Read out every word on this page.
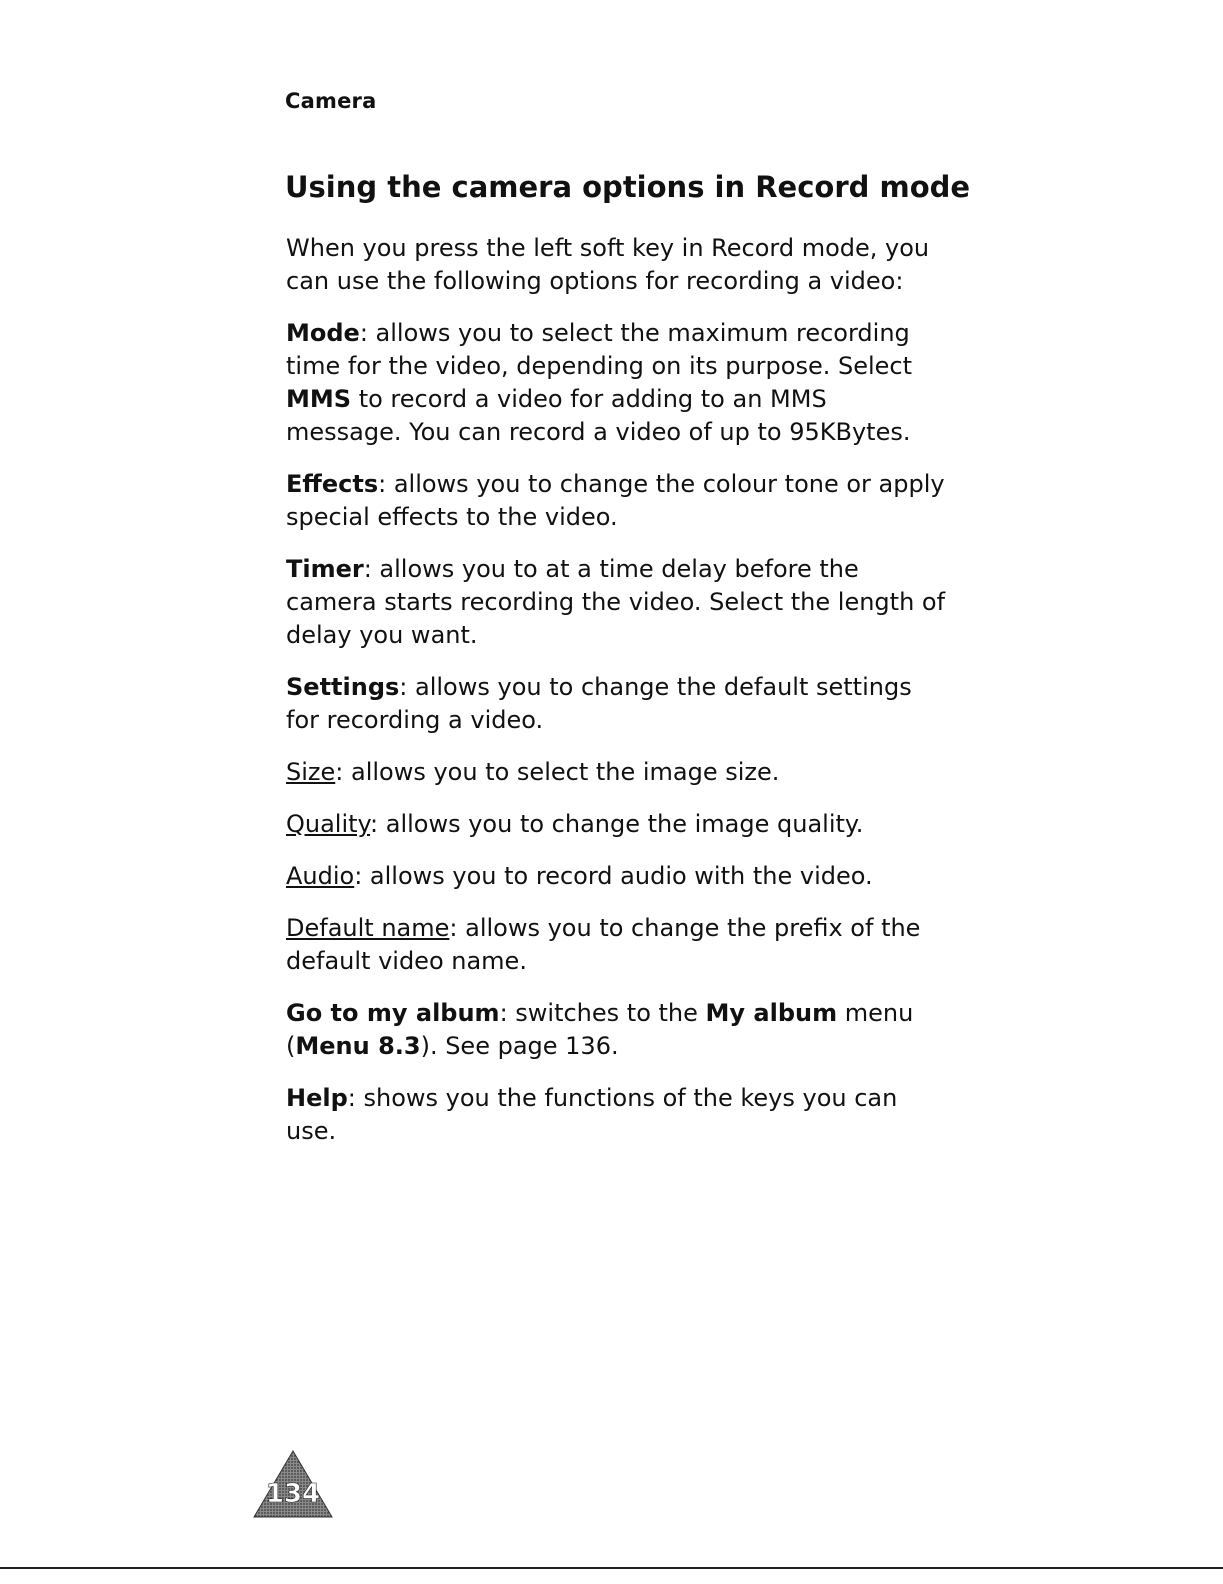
Camera
Using the camera options in Record mode

When you press the left soft key in Record mode, you can use the following options for recording a video:

Mode: allows you to select the maximum recording time for the video, depending on its purpose. Select MMS to record a video for adding to an MMS message. You can record a video of up to 95KBytes.

Effects: allows you to change the colour tone or apply special effects to the video.

Timer: allows you to at a time delay before the camera starts recording the video. Select the length of delay you want.

Settings: allows you to change the default settings for recording a video.

Size: allows you to select the image size.

Quality: allows you to change the image quality.

Audio: allows you to record audio with the video.

Default name: allows you to change the prefix of the default video name.

Go to my album: switches to the My album menu (Menu 8.3). See page 136.

Help: shows you the functions of the keys you can use.

134
